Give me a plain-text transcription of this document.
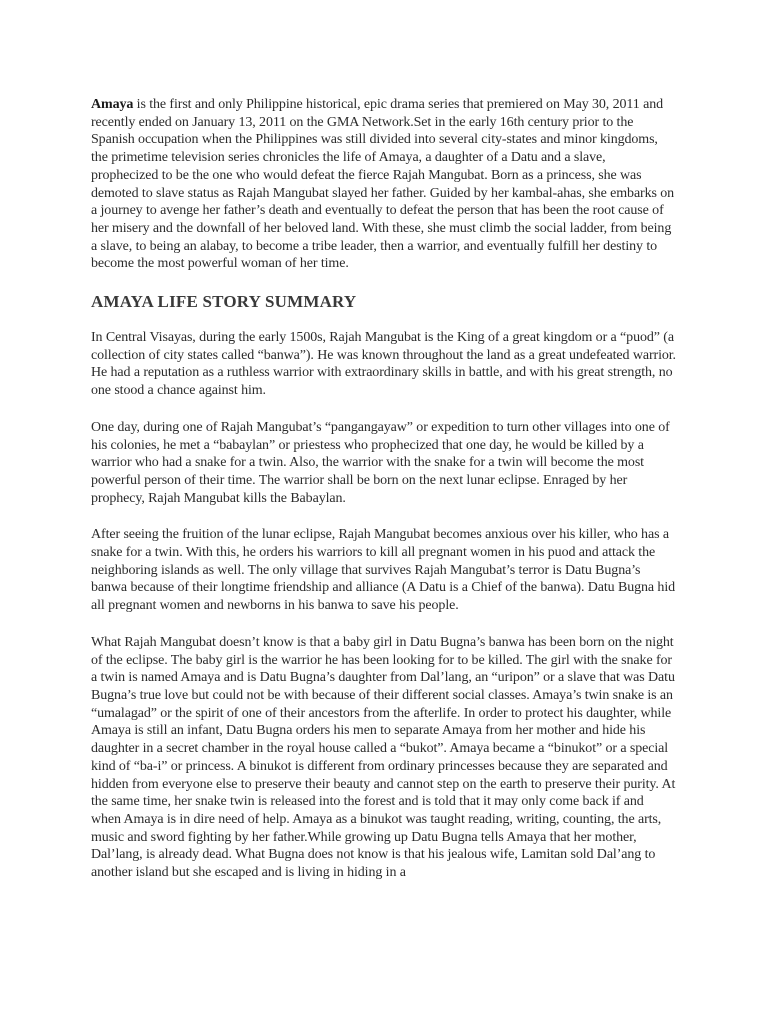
Amaya is the first and only Philippine historical, epic drama series that premiered on May 30, 2011 and recently ended on January 13, 2011 on the GMA Network.Set in the early 16th century prior to the Spanish occupation when the Philippines was still divided into several city-states and minor kingdoms, the primetime television series chronicles the life of Amaya, a daughter of a Datu and a slave, prophecized to be the one who would defeat the fierce Rajah Mangubat. Born as a princess, she was demoted to slave status as Rajah Mangubat slayed her father. Guided by her kambal-ahas, she embarks on a journey to avenge her father’s death and eventually to defeat the person that has been the root cause of her misery and the downfall of her beloved land. With these, she must climb the social ladder, from being a slave, to being an alabay, to become a tribe leader, then a warrior, and eventually fulfill her destiny to become the most powerful woman of her time.

AMAYA LIFE STORY SUMMARY

In Central Visayas, during the early 1500s, Rajah Mangubat is the King of a great kingdom or a “puod” (a collection of city states called “banwa”). He was known throughout the land as a great undefeated warrior. He had a reputation as a ruthless warrior with extraordinary skills in battle, and with his great strength, no one stood a chance against him.

One day, during one of Rajah Mangubat’s “pangangayaw” or expedition to turn other villages into one of his colonies, he met a “babaylan” or priestess who prophecized that one day, he would be killed by a warrior who had a snake for a twin. Also, the warrior with the snake for a twin will become the most powerful person of their time. The warrior shall be born on the next lunar eclipse. Enraged by her prophecy, Rajah Mangubat kills the Babaylan.

After seeing the fruition of the lunar eclipse, Rajah Mangubat becomes anxious over his killer, who has a snake for a twin. With this, he orders his warriors to kill all pregnant women in his puod and attack the neighboring islands as well. The only village that survives Rajah Mangubat’s terror is Datu Bugna’s banwa because of their longtime friendship and alliance (A Datu is a Chief of the banwa). Datu Bugna hid all pregnant women and newborns in his banwa to save his people.

What Rajah Mangubat doesn’t know is that a baby girl in Datu Bugna’s banwa has been born on the night of the eclipse. The baby girl is the warrior he has been looking for to be killed. The girl with the snake for a twin is named Amaya and is Datu Bugna’s daughter from Dal’lang, an “uripon” or a slave that was Datu Bugna’s true love but could not be with because of their different social classes. Amaya’s twin snake is an “umalagad” or the spirit of one of their ancestors from the afterlife. In order to protect his daughter, while Amaya is still an infant, Datu Bugna orders his men to separate Amaya from her mother and hide his daughter in a secret chamber in the royal house called a “bukot”. Amaya became a “binukot” or a special kind of “ba-i” or princess. A binukot is different from ordinary princesses because they are separated and hidden from everyone else to preserve their beauty and cannot step on the earth to preserve their purity. At the same time, her snake twin is released into the forest and is told that it may only come back if and when Amaya is in dire need of help. Amaya as a binukot was taught reading, writing, counting, the arts, music and sword fighting by her father.While growing up Datu Bugna tells Amaya that her mother, Dal’lang, is already dead. What Bugna does not know is that his jealous wife, Lamitan sold Dal’ang to another island but she escaped and is living in hiding in a
